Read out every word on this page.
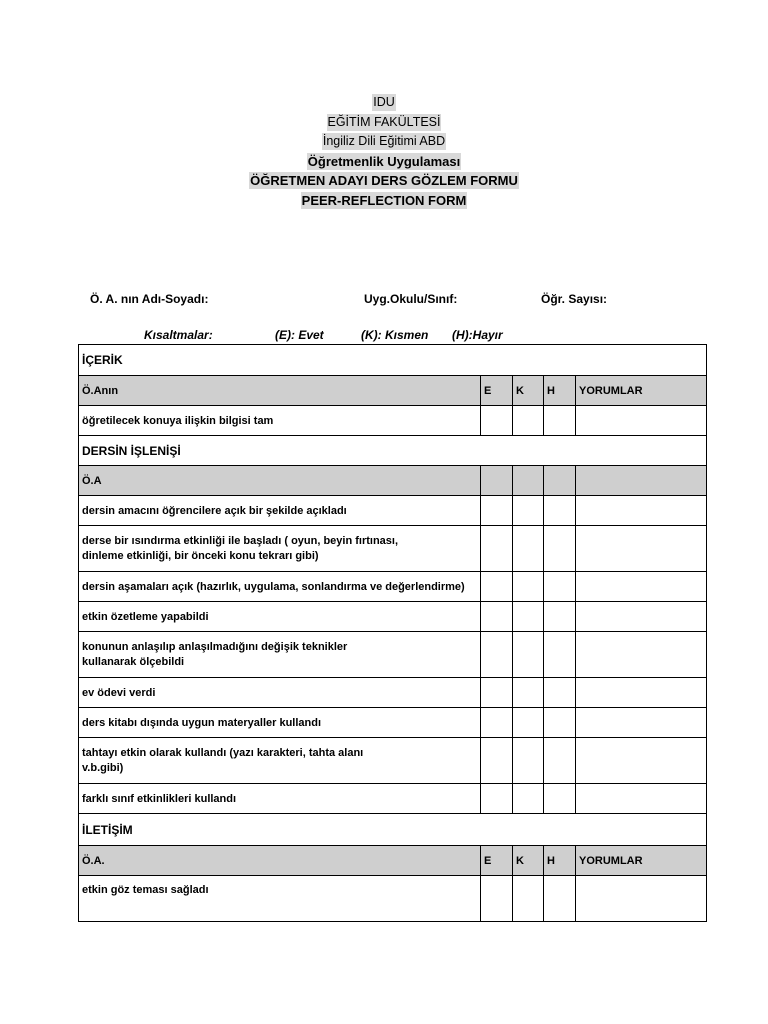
IDU
EĞİTİM FAKÜLTESİ
İngiliz Dili Eğitimi ABD
Öğretmenlik Uygulaması
ÖĞRETMEN ADAYI DERS GÖZLEM FORMU
PEER-REFLECTION FORM
Ö. A. nın Adı-Soyadı:	Uyg.Okulu/Sınıf:	Öğr. Sayısı:
Kısaltmalar:	(E): Evet	(K): Kısmen (H):Hayır
İÇERİK				
Ö.Anın	E	K	H	YORUMLAR
öğretilecek konuya ilişkin bilgisi tam				
DERSİN İŞLENİŞİ				
Ö.A				
dersin amacını öğrencilere açık bir şekilde açıkladı				

derse bir ısındırma etkinliği ile başladı ( oyun, beyin fırtınası,
dinleme etkinliği, bir önceki konu tekrarı gibi)				

dersin aşamaları açık (hazırlık, uygulama, sonlandırma ve değerlendirme)				
etkin özetleme yapabildi				

konunun anlaşılıp anlaşılmadığını değişik teknikler
kullanarak ölçebildi				

ev ödevi verdi				
ders kitabı dışında uygun materyaller kullandı				

tahtayı etkin olarak kullandı (yazı karakteri, tahta alanı
v.b.gibi)				

farklı sınıf etkinlikleri kullandı				
İLETİŞİM				
Ö.A.	E	K	H	YORUMLAR
etkin göz teması sağladı				
